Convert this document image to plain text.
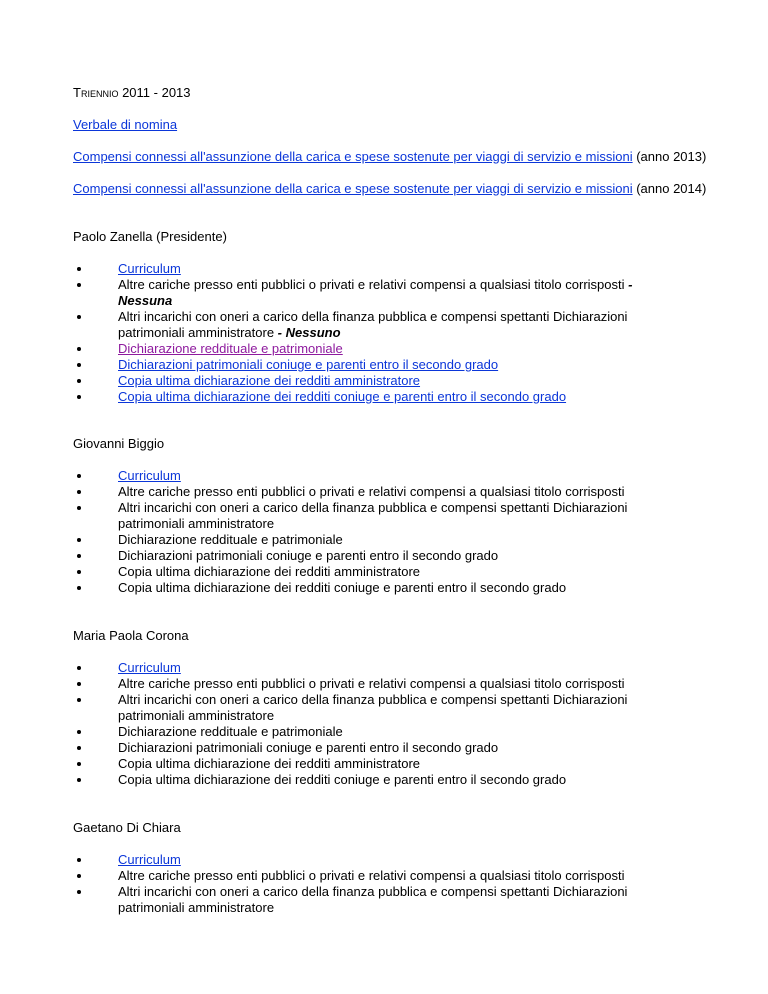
Triennio 2011 - 2013
Verbale di nomina
Compensi connessi all'assunzione della carica e spese sostenute per viaggi di servizio e missioni (anno 2013)
Compensi connessi all'assunzione della carica e spese sostenute per viaggi di servizio e missioni (anno 2014)
Paolo Zanella (Presidente)
Curriculum
Altre cariche presso enti pubblici o privati e relativi compensi a qualsiasi titolo corrisposti - Nessuna
Altri incarichi con oneri a carico della finanza pubblica e compensi spettanti Dichiarazioni patrimoniali amministratore - Nessuno
Dichiarazione reddituale e patrimoniale
Dichiarazioni patrimoniali coniuge e parenti entro il secondo grado
Copia ultima dichiarazione dei redditi amministratore
Copia ultima dichiarazione dei redditi coniuge e parenti entro il secondo grado
Giovanni Biggio
Curriculum
Altre cariche presso enti pubblici o privati e relativi compensi a qualsiasi titolo corrisposti
Altri incarichi con oneri a carico della finanza pubblica e compensi spettanti Dichiarazioni patrimoniali amministratore
Dichiarazione reddituale e patrimoniale
Dichiarazioni patrimoniali coniuge e parenti entro il secondo grado
Copia ultima dichiarazione dei redditi amministratore
Copia ultima dichiarazione dei redditi coniuge e parenti entro il secondo grado
Maria Paola Corona
Curriculum
Altre cariche presso enti pubblici o privati e relativi compensi a qualsiasi titolo corrisposti
Altri incarichi con oneri a carico della finanza pubblica e compensi spettanti Dichiarazioni patrimoniali amministratore
Dichiarazione reddituale e patrimoniale
Dichiarazioni patrimoniali coniuge e parenti entro il secondo grado
Copia ultima dichiarazione dei redditi amministratore
Copia ultima dichiarazione dei redditi coniuge e parenti entro il secondo grado
Gaetano Di Chiara
Curriculum
Altre cariche presso enti pubblici o privati e relativi compensi a qualsiasi titolo corrisposti
Altri incarichi con oneri a carico della finanza pubblica e compensi spettanti Dichiarazioni patrimoniali amministratore
